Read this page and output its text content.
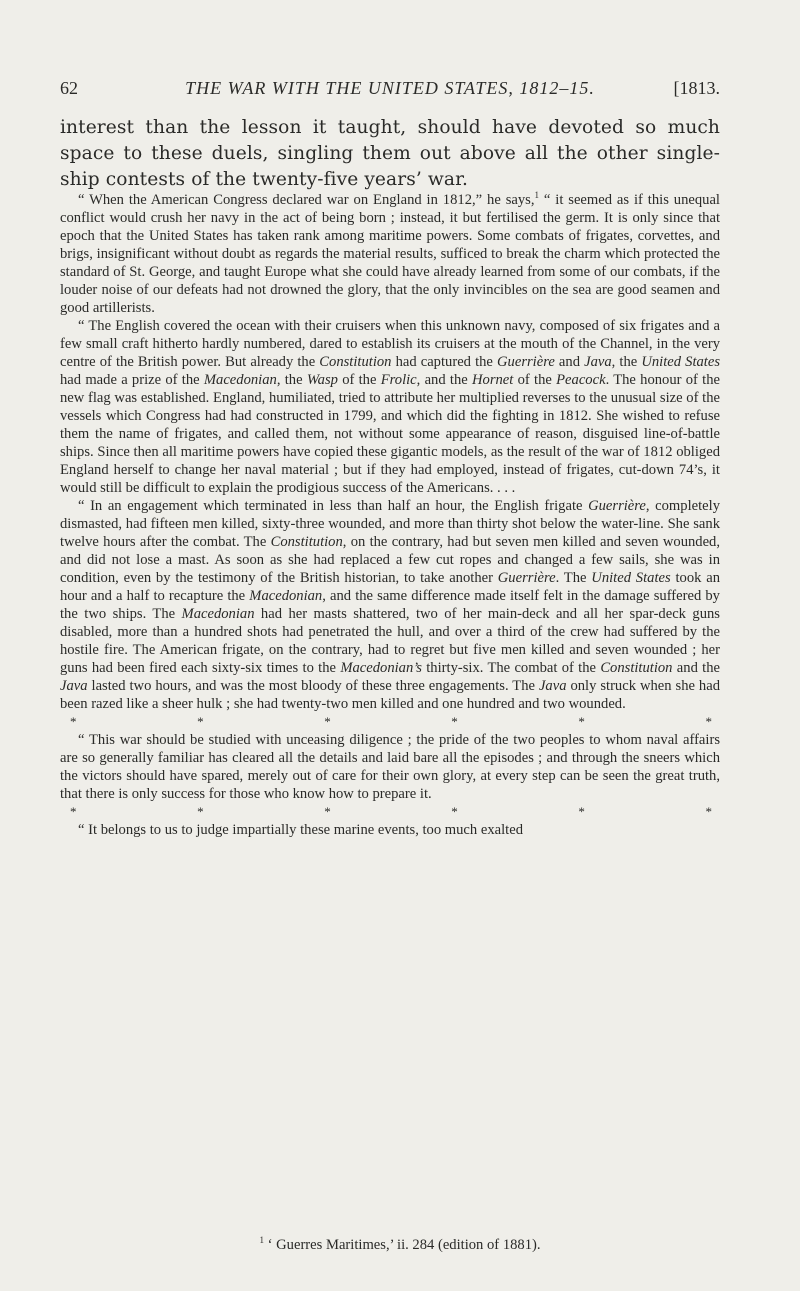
62	THE WAR WITH THE UNITED STATES, 1812–15.	[1813.
interest than the lesson it taught, should have devoted so much space to these duels, singling them out above all the other single-ship contests of the twenty-five years’ war.

“ When the American Congress declared war on England in 1812,” he says,$^1$ “ it seemed as if this unequal conflict would crush her navy in the act of being born ; instead, it but fertilised the germ. It is only since that epoch that the United States has taken rank among maritime powers. Some combats of frigates, corvettes, and brigs, insignificant without doubt as regards the material results, sufficed to break the charm which protected the standard of St. George, and taught Europe what she could have already learned from some of our combats, if the louder noise of our defeats had not drowned the glory, that the only invincibles on the sea are good seamen and good artillerists.

“ The English covered the ocean with their cruisers when this unknown navy, composed of six frigates and a few small craft hitherto hardly numbered, dared to establish its cruisers at the mouth of the Channel, in the very centre of the British power. But already the Constitution had captured the Guerrière and Java, the United States had made a prize of the Macedonian, the Wasp of the Frolic, and the Hornet of the Peacock. The honour of the new flag was established. England, humiliated, tried to attribute her multiplied reverses to the unusual size of the vessels which Congress had had constructed in 1799, and which did the fighting in 1812. She wished to refuse them the name of frigates, and called them, not without some appearance of reason, disguised line-of-battle ships. Since then all maritime powers have copied these gigantic models, as the result of the war of 1812 obliged England herself to change her naval material ; but if they had employed, instead of frigates, cut-down 74’s, it would still be difficult to explain the prodigious success of the Americans. . . .

“ In an engagement which terminated in less than half an hour, the English frigate Guerrière, completely dismasted, had fifteen men killed, sixty-three wounded, and more than thirty shot below the water-line. She sank twelve hours after the combat. The Constitution, on the contrary, had but seven men killed and seven wounded, and did not lose a mast. As soon as she had replaced a few cut ropes and changed a few sails, she was in condition, even by the testimony of the British historian, to take another Guerrière. The United States took an hour and a half to recapture the Macedonian, and the same difference made itself felt in the damage suffered by the two ships. The Macedonian had her masts shattered, two of her main-deck and all her spar-deck guns disabled, more than a hundred shots had penetrated the hull, and over a third of the crew had suffered by the hostile fire. The American frigate, on the contrary, had to regret but five men killed and seven wounded ; her guns had been fired each sixty-six times to the Macedonian’s thirty-six. The combat of the Constitution and the Java lasted two hours, and was the most bloody of these three engagements. The Java only struck when she had been razed like a sheer hulk ; she had twenty-two men killed and one hundred and two wounded.

*	*	*	*	*	*

“ This war should be studied with unceasing diligence ; the pride of the two peoples to whom naval affairs are so generally familiar has cleared all the details and laid bare all the episodes ; and through the sneers which the victors should have spared, merely out of care for their own glory, at every step can be seen the great truth, that there is only success for those who know how to prepare it.

*	*	*	*	*	*

“ It belongs to us to judge impartially these marine events, too much exalted

$^1$ ‘ Guerres Maritimes,’ ii. 284 (edition of 1881).
